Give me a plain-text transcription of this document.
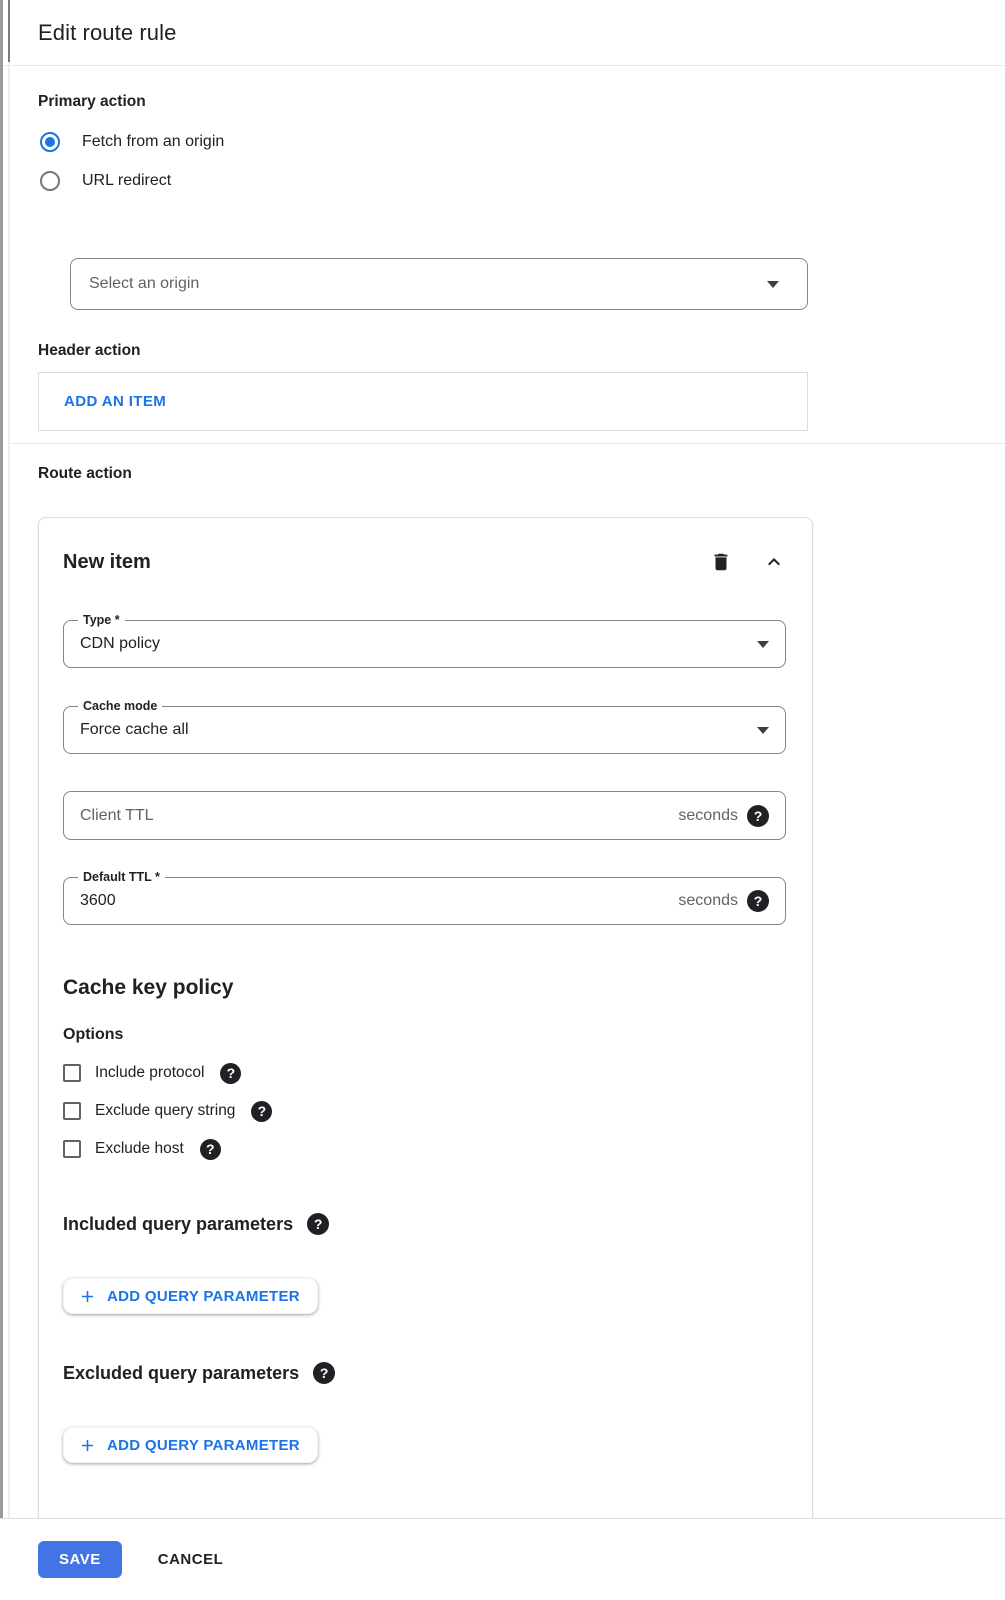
Edit route rule
Primary action
Fetch from an origin
URL redirect
Select an origin
Header action
ADD AN ITEM
Route action
New item
Type *
CDN policy
Cache mode
Force cache all
Client TTL
seconds
?
Default TTL *
3600
seconds
?
Cache key policy
Options
Include protocol
?
Exclude query string
?
Exclude host
?
Included query parameters
?
ADD QUERY PARAMETER
Excluded query parameters
?
ADD QUERY PARAMETER
SAVE	CANCEL
